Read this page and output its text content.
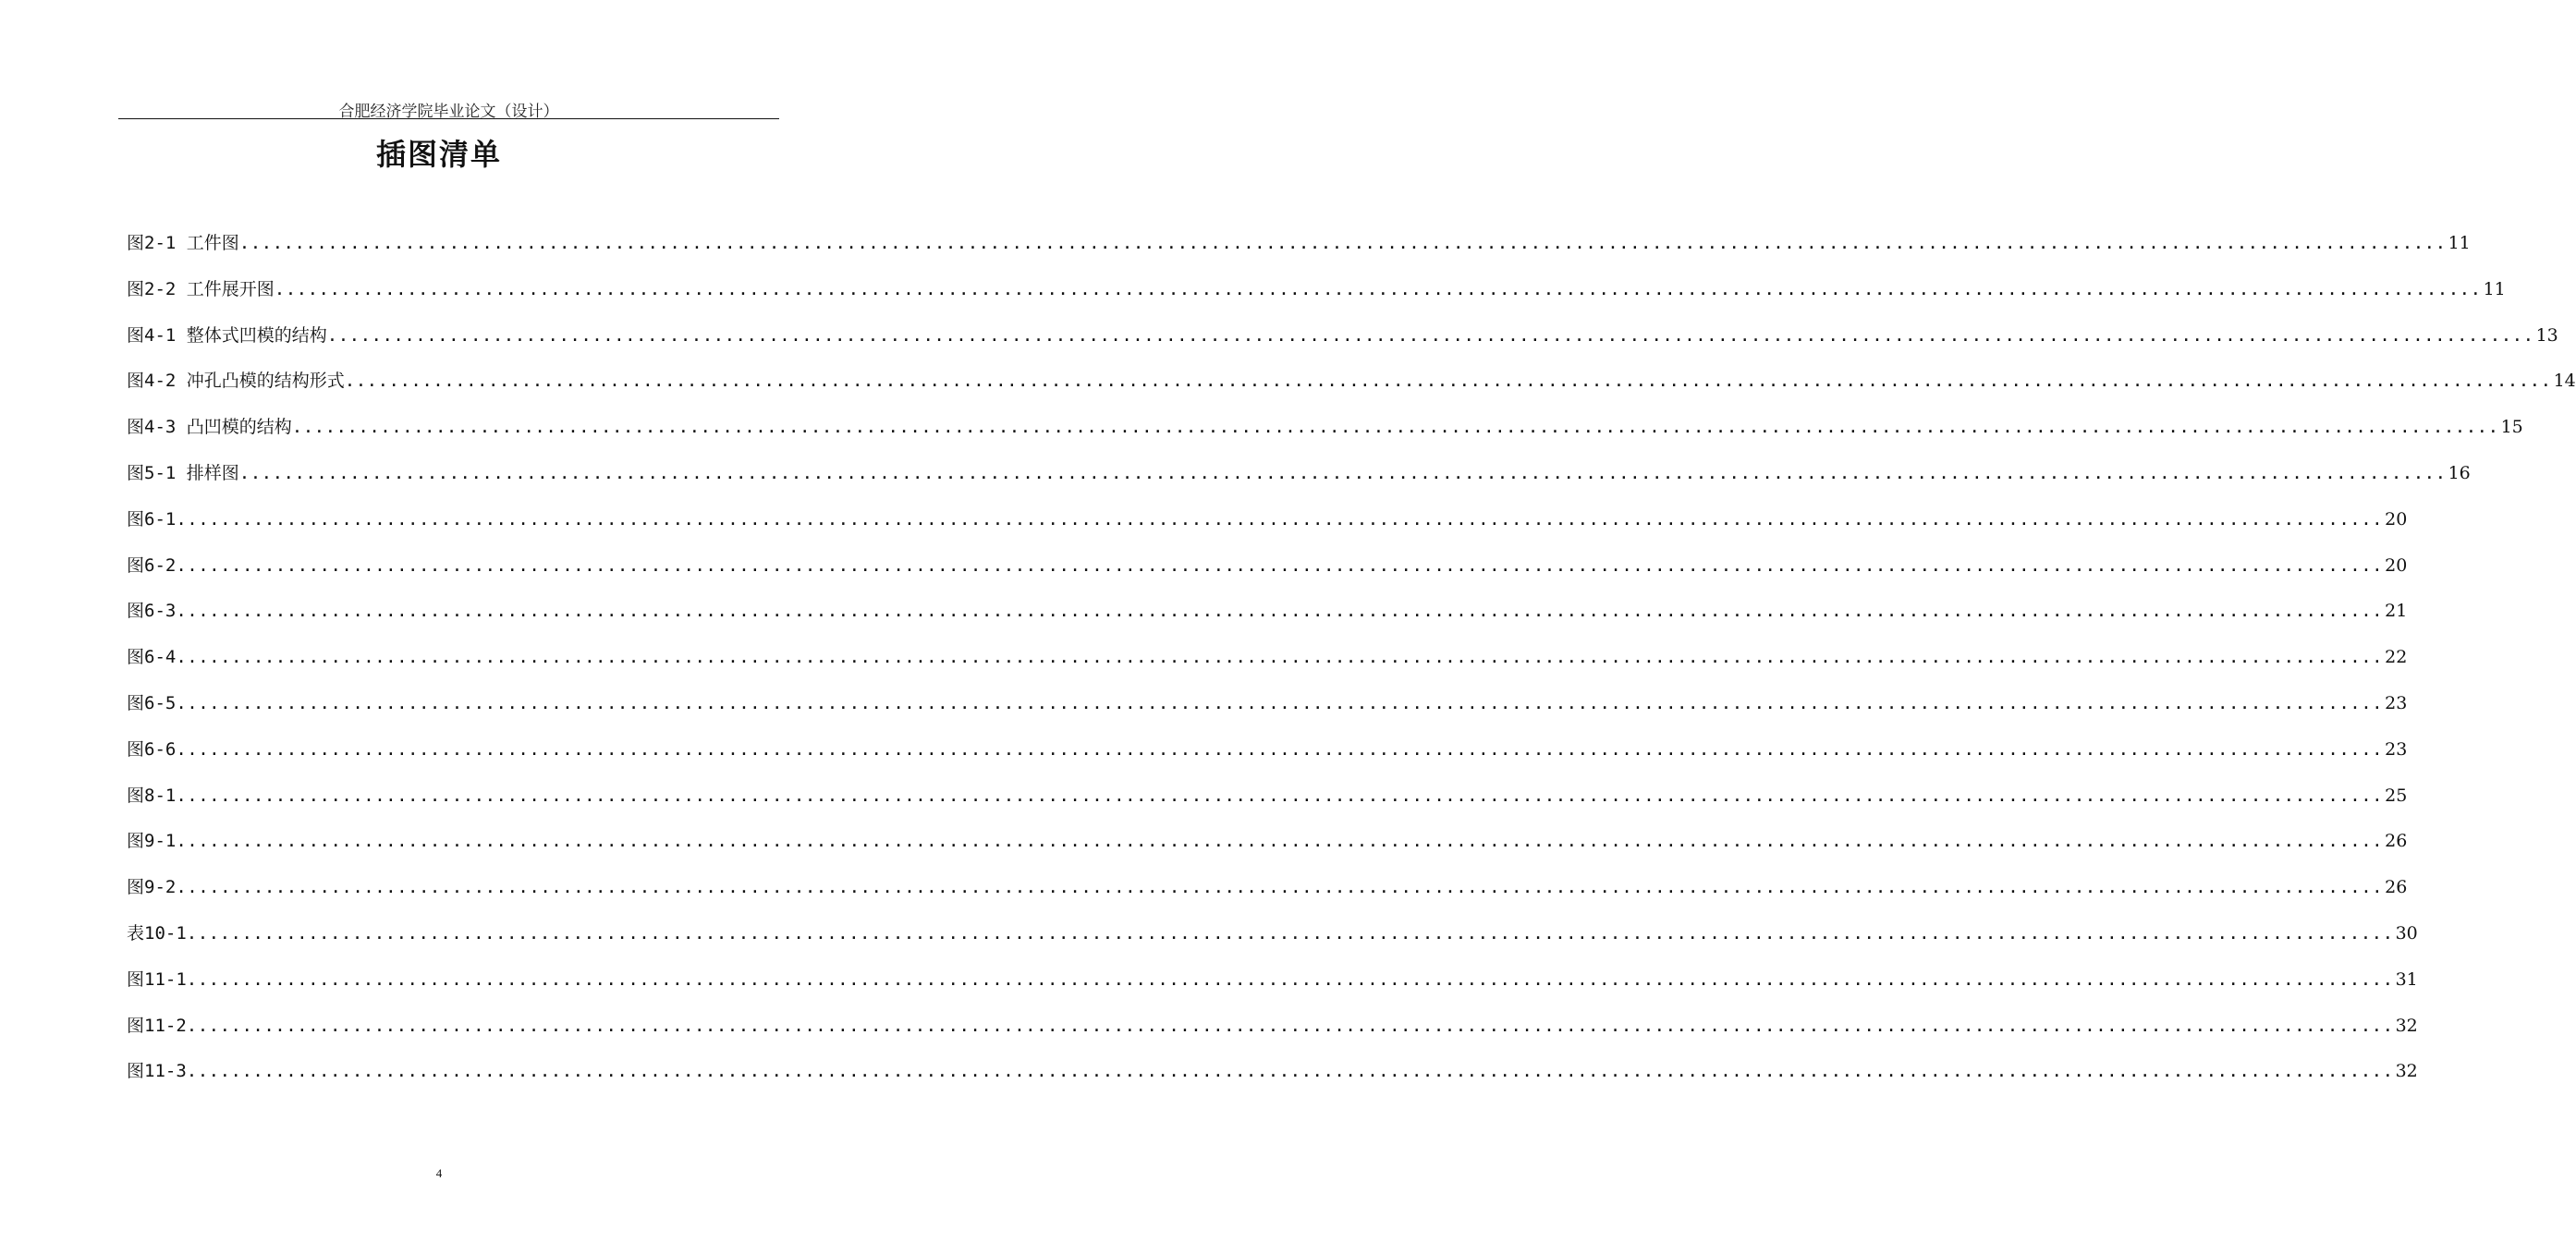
合肥经济学院毕业论文（设计）
插图清单
图2-1 工件图 ........................................................................................................................................................................................................ 11
图2-2 工件展开图 ........................................................................................................................................................................................................ 11
图4-1 整体式凹模的结构 ........................................................................................................................................................................................................ 13
图4-2 冲孔凸模的结构形式 ........................................................................................................................................................................................................ 14
图4-3 凸凹模的结构 ........................................................................................................................................................................................................ 15
图5-1 排样图 ........................................................................................................................................................................................................ 16
图6-1 ........................................................................................................................................................................................................ 20
图6-2 ........................................................................................................................................................................................................ 20
图6-3 ........................................................................................................................................................................................................ 21
图6-4 ........................................................................................................................................................................................................ 22
图6-5 ........................................................................................................................................................................................................ 23
图6-6 ........................................................................................................................................................................................................ 23
图8-1 ........................................................................................................................................................................................................ 25
图9-1 ........................................................................................................................................................................................................ 26
图9-2 ........................................................................................................................................................................................................ 26
表10-1 ........................................................................................................................................................................................................ 30
图11-1 ........................................................................................................................................................................................................ 31
图11-2 ........................................................................................................................................................................................................ 32
图11-3 ........................................................................................................................................................................................................ 32
4
